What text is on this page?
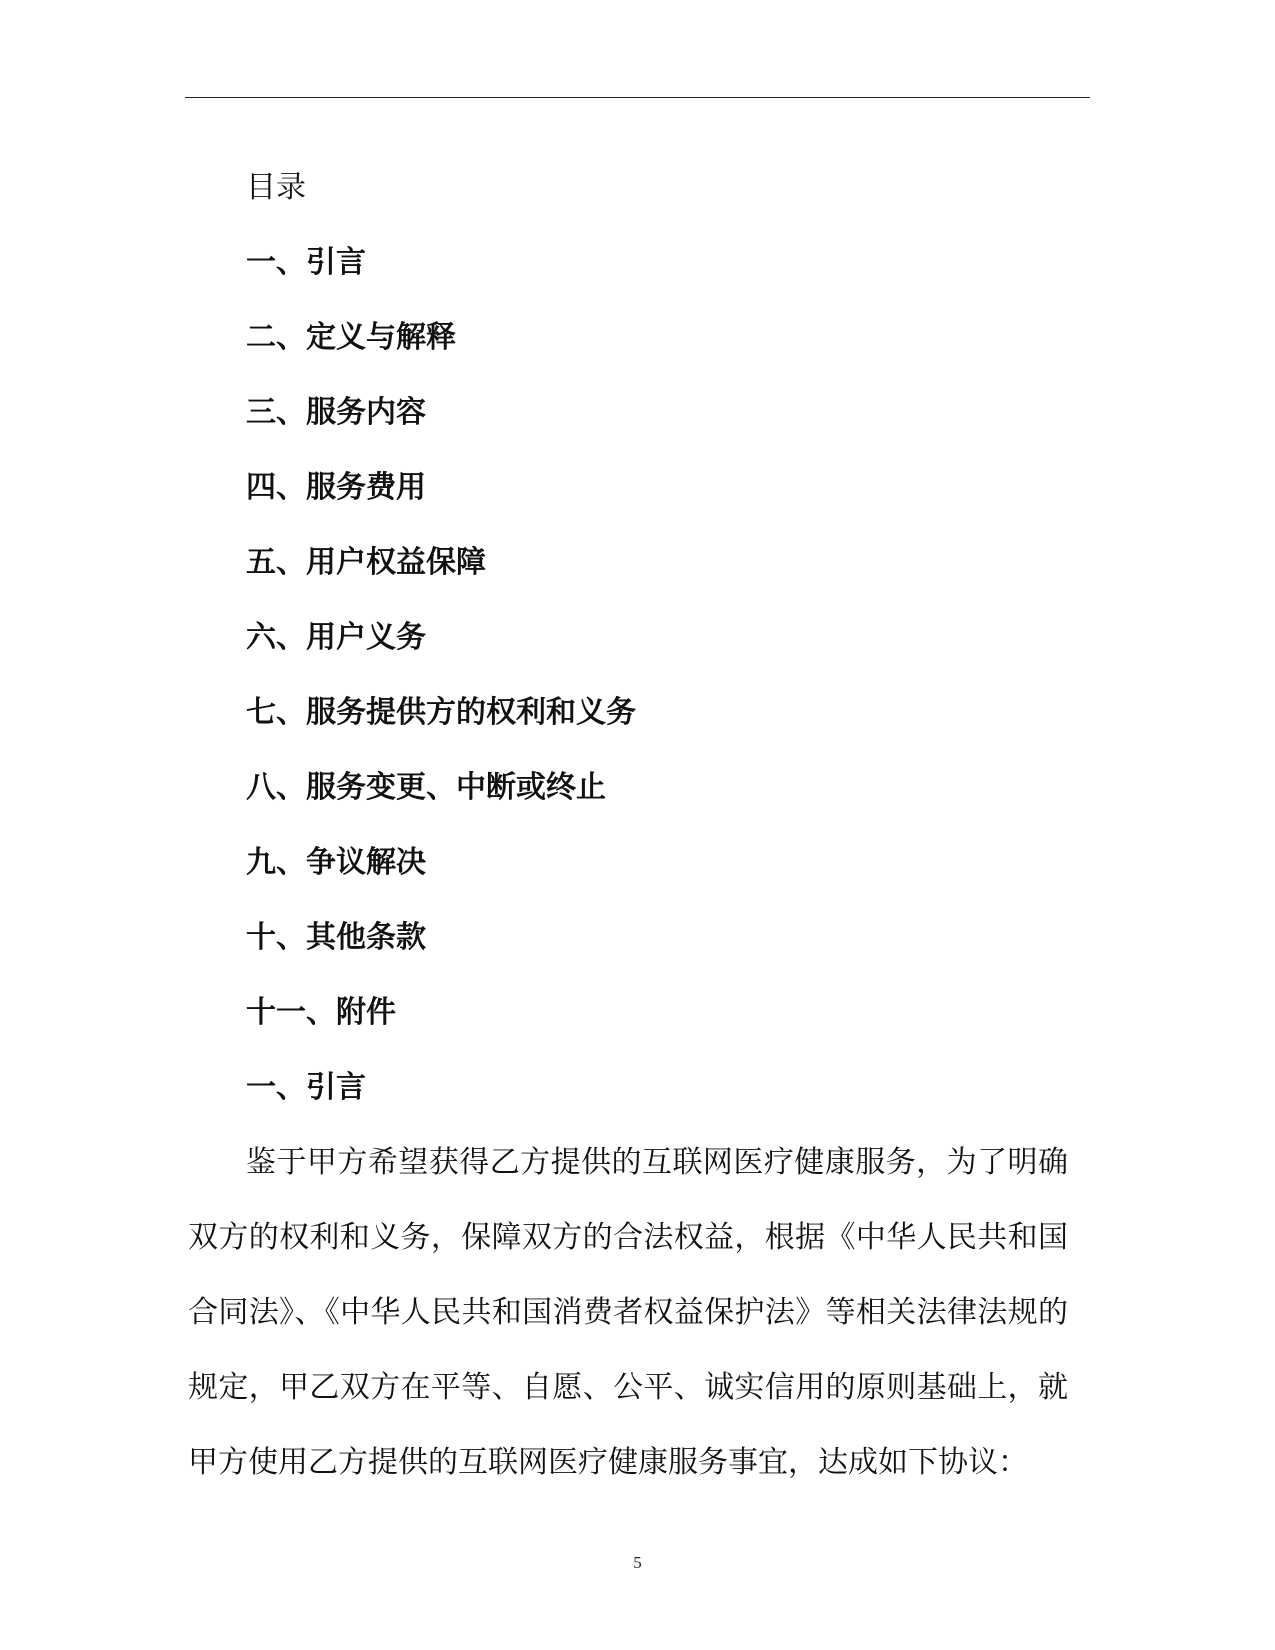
目录
一、引言
二、定义与解释
三、服务内容
四、服务费用
五、用户权益保障
六、用户义务
七、服务提供方的权利和义务
八、服务变更、中断或终止
九、争议解决
十、其他条款
十一、附件
一、引言

鉴于甲方希望获得乙方提供的互联网医疗健康服务，为了明确双方的权利和义务，保障双方的合法权益，根据《中华人民共和国合同法》、《中华人民共和国消费者权益保护法》等相关法律法规的规定，甲乙双方在平等、自愿、公平、诚实信用的原则基础上，就甲方使用乙方提供的互联网医疗健康服务事宜，达成如下协议：

5
